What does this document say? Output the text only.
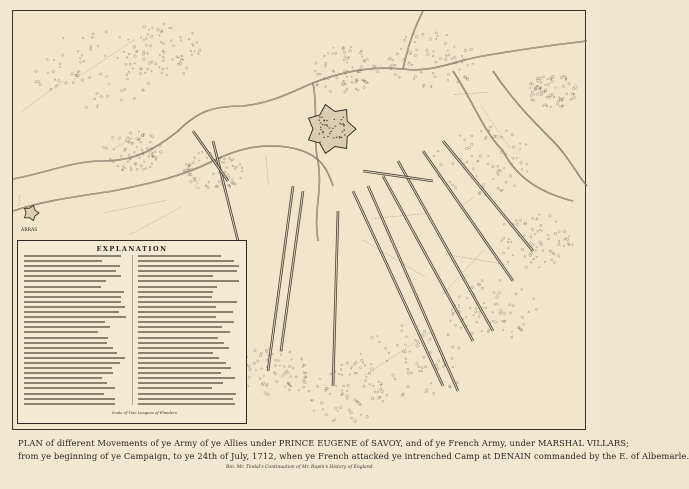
ARRAS
EXPLANATION
Scale of Two Leagues of Flanders
PLAN of different Movements of ye Army of ye Allies under PRINCE EUGENE of SAVOY, and of ye French Army, under MARSHAL VILLARS;
from ye beginning of ye Campaign, to ye 24th of July, 1712, when ye French attacked ye intrenched Camp at DENAIN commanded by the E. of Albemarle.
Rin. Mr. Tindal's Continuation of Mr. Rapin's History of England.
